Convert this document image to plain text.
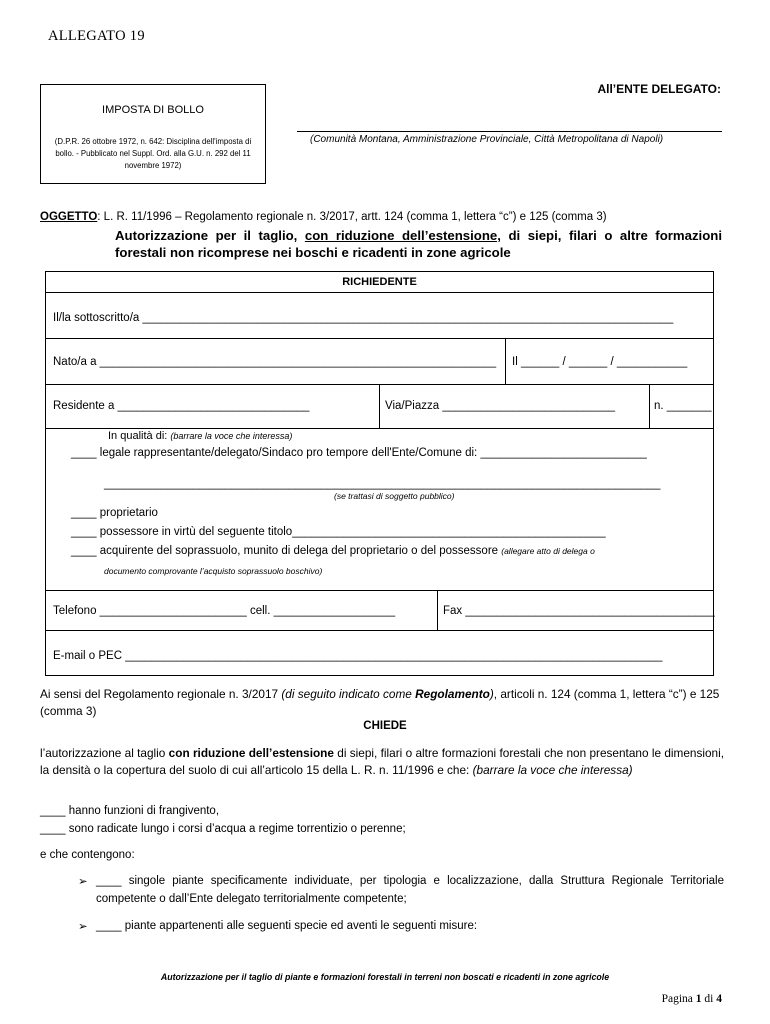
ALLEGATO 19
IMPOSTA DI BOLLO
(D.P.R. 26 ottobre 1972, n. 642: Disciplina dell'imposta di bollo. - Pubblicato nel Suppl. Ord. alla G.U. n. 292 del 11 novembre 1972)
All’ENTE DELEGATO:
(Comunità Montana, Amministrazione Provinciale, Città Metropolitana di Napoli)
OGGETTO: L. R. 11/1996 – Regolamento regionale n. 3/2017, artt. 124 (comma 1, lettera “c”) e 125 (comma 3)
Autorizzazione per il taglio, con riduzione dell’estensione, di siepi, filari o altre formazioni forestali non ricomprese nei boschi e ricadenti in zone agricole
RICHIEDENTE
Il/la sottoscritto/a ___________________________________________________________________________________
Nato/a a ______________________________________________________________ Il ______ / ______ / ___________
Residente a ______________________________	Via/Piazza ___________________________	n. _______
In qualità di: (barrare la voce che interessa)
____ legale rappresentante/delegato/Sindaco pro tempore dell'Ente/Comune di: __________________________
_______________________________________________________________________________________
(se trattasi di soggetto pubblico)
____ proprietario
____ possessore in virtù del seguente titolo_________________________________________________
____ acquirente del soprassuolo, munito di delega del proprietario o del possessore (allegare atto di delega o
documento comprovante l’acquisto soprassuolo boschivo)
Telefono _______________________ cell. ___________________	Fax _______________________________________
E-mail o PEC ____________________________________________________________________________________
Ai sensi del Regolamento regionale n. 3/2017 (di seguito indicato come Regolamento), articoli n. 124 (comma 1, lettera “c”) e 125 (comma 3)
CHIEDE
l’autorizzazione al taglio con riduzione dell’estensione di siepi, filari o altre formazioni forestali che non presentano le dimensioni, la densità o la copertura del suolo di cui all’articolo 15 della L. R. n. 11/1996 e che: (barrare la voce che interessa)
____ hanno funzioni di frangivento,
____ sono radicate lungo i corsi d’acqua a regime torrentizio o perenne;
e che contengono:
➢ ____ singole piante specificamente individuate, per tipologia e localizzazione, dalla Struttura Regionale Territoriale competente o dall’Ente delegato territorialmente competente;
➢ ____ piante appartenenti alle seguenti specie ed aventi le seguenti misure:
Autorizzazione per il taglio di piante e formazioni forestali in terreni non boscati e ricadenti in zone agricole
Pagina 1 di 4
